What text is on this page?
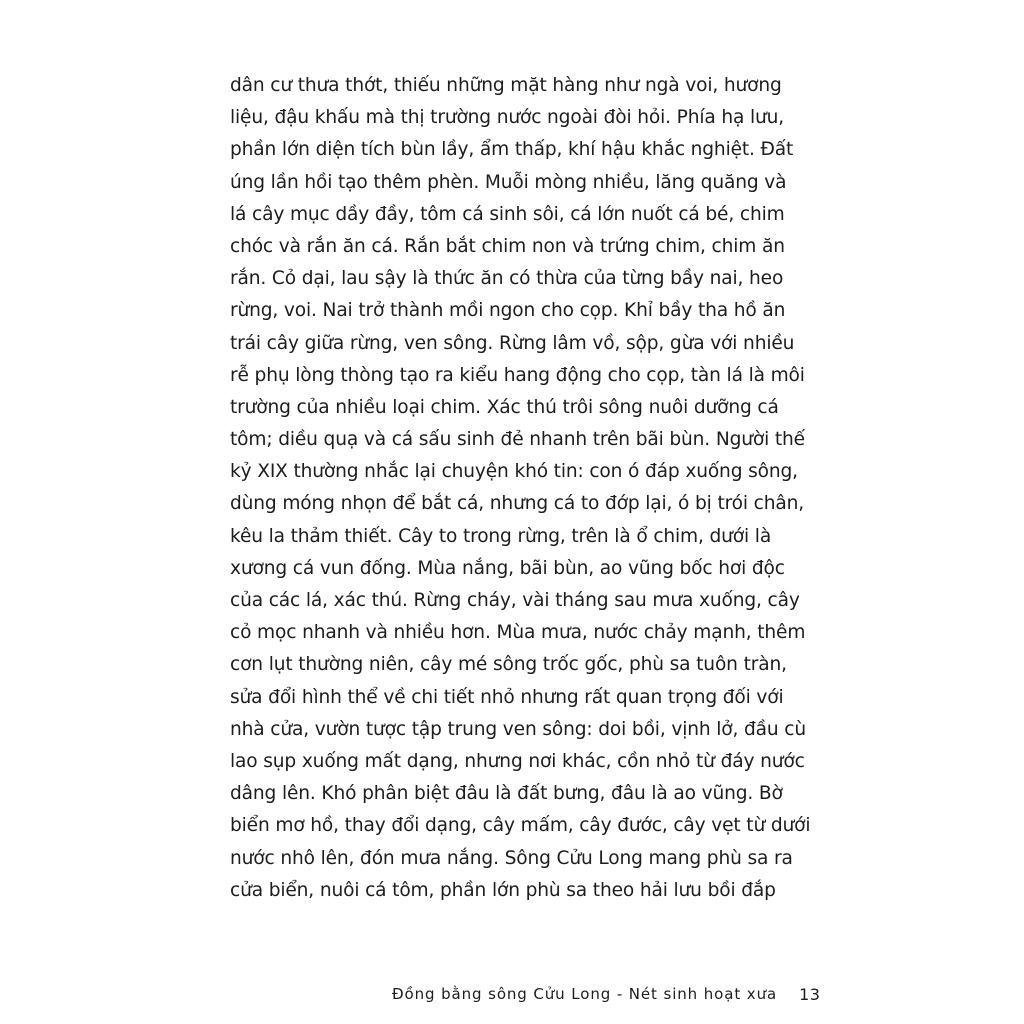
dân cư thưa thớt, thiếu những mặt hàng như ngà voi, hương
liệu, đậu khấu mà thị trường nước ngoài đòi hỏi. Phía hạ lưu,
phần lớn diện tích bùn lầy, ẩm thấp, khí hậu khắc nghiệt. Đất
úng lần hồi tạo thêm phèn. Muỗi mòng nhiều, lăng quăng và
lá cây mục dầy đầy, tôm cá sinh sôi, cá lớn nuốt cá bé, chim
chóc và rắn ăn cá. Rắn bắt chim non và trứng chim, chim ăn
rắn. Cỏ dại, lau sậy là thức ăn có thừa của từng bầy nai, heo
rừng, voi. Nai trở thành mồi ngon cho cọp. Khỉ bầy tha hồ ăn
trái cây giữa rừng, ven sông. Rừng lâm vồ, sộp, gừa với nhiều
rễ phụ lòng thòng tạo ra kiểu hang động cho cọp, tàn lá là môi
trường của nhiều loại chim. Xác thú trôi sông nuôi dưỡng cá
tôm; diều quạ và cá sấu sinh đẻ nhanh trên bãi bùn. Người thế
kỷ XIX thường nhắc lại chuyện khó tin: con ó đáp xuống sông,
dùng móng nhọn để bắt cá, nhưng cá to đớp lại, ó bị trói chân,
kêu la thảm thiết. Cây to trong rừng, trên là ổ chim, dưới là
xương cá vun đống. Mùa nắng, bãi bùn, ao vũng bốc hơi độc
của các lá, xác thú. Rừng cháy, vài tháng sau mưa xuống, cây
cỏ mọc nhanh và nhiều hơn. Mùa mưa, nước chảy mạnh, thêm
cơn lụt thường niên, cây mé sông trốc gốc, phù sa tuôn tràn,
sửa đổi hình thể về chi tiết nhỏ nhưng rất quan trọng đối với
nhà cửa, vườn tược tập trung ven sông: doi bồi, vịnh lở, đầu cù
lao sụp xuống mất dạng, nhưng nơi khác, cồn nhỏ từ đáy nước
dâng lên. Khó phân biệt đâu là đất bưng, đâu là ao vũng. Bờ
biển mơ hồ, thay đổi dạng, cây mấm, cây đước, cây vẹt từ dưới
nước nhô lên, đón mưa nắng. Sông Cửu Long mang phù sa ra
cửa biển, nuôi cá tôm, phần lớn phù sa theo hải lưu bồi đắp
Đồng bằng sông Cửu Long - Nét sinh hoạt xưa 13
